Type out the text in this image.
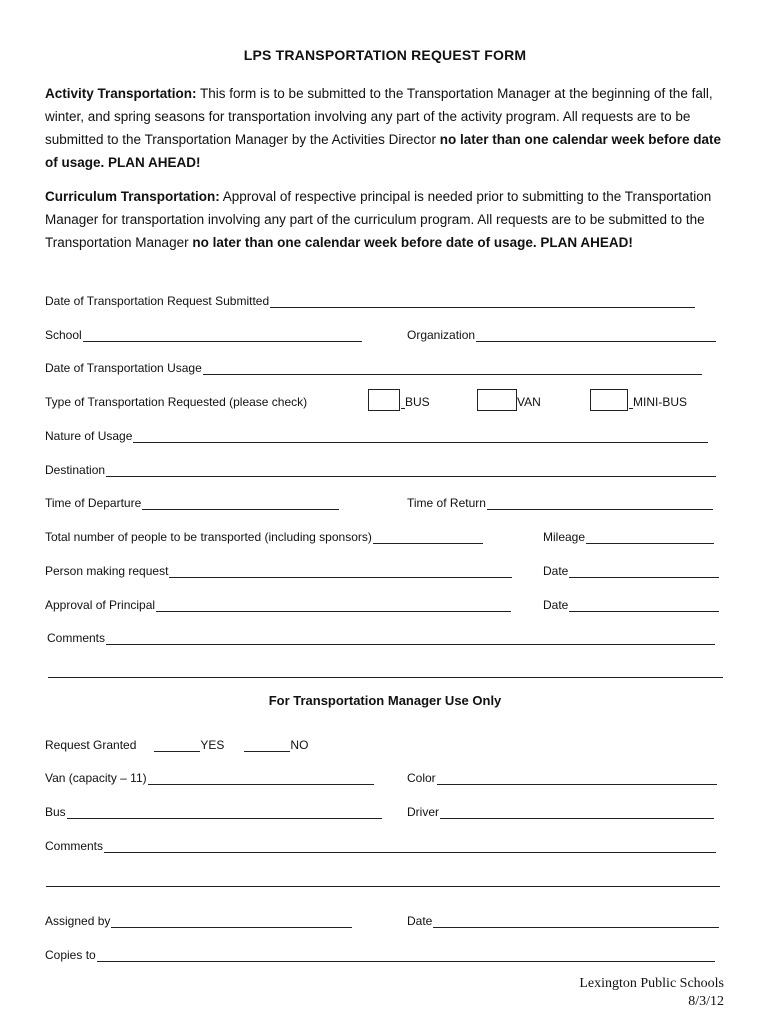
LPS TRANSPORTATION REQUEST FORM
Activity Transportation: This form is to be submitted to the Transportation Manager at the beginning of the fall, winter, and spring seasons for transportation involving any part of the activity program. All requests are to be submitted to the Transportation Manager by the Activities Director no later than one calendar week before date of usage. PLAN AHEAD!
Curriculum Transportation: Approval of respective principal is needed prior to submitting to the Transportation Manager for transportation involving any part of the curriculum program. All requests are to be submitted to the Transportation Manager no later than one calendar week before date of usage. PLAN AHEAD!
Date of Transportation Request Submitted
School	Organization
Date of Transportation Usage
Type of Transportation Requested (please check)	BUS	VAN	MINI-BUS
Nature of Usage
Destination
Time of Departure	Time of Return
Total number of people to be transported (including sponsors)	Mileage
Person making request	Date
Approval of Principal	Date
Comments
For Transportation Manager Use Only
Request Granted	YES	NO
Van (capacity – 11)	Color
Bus	Driver
Comments
Assigned by	Date
Copies to
Lexington Public Schools
8/3/12
